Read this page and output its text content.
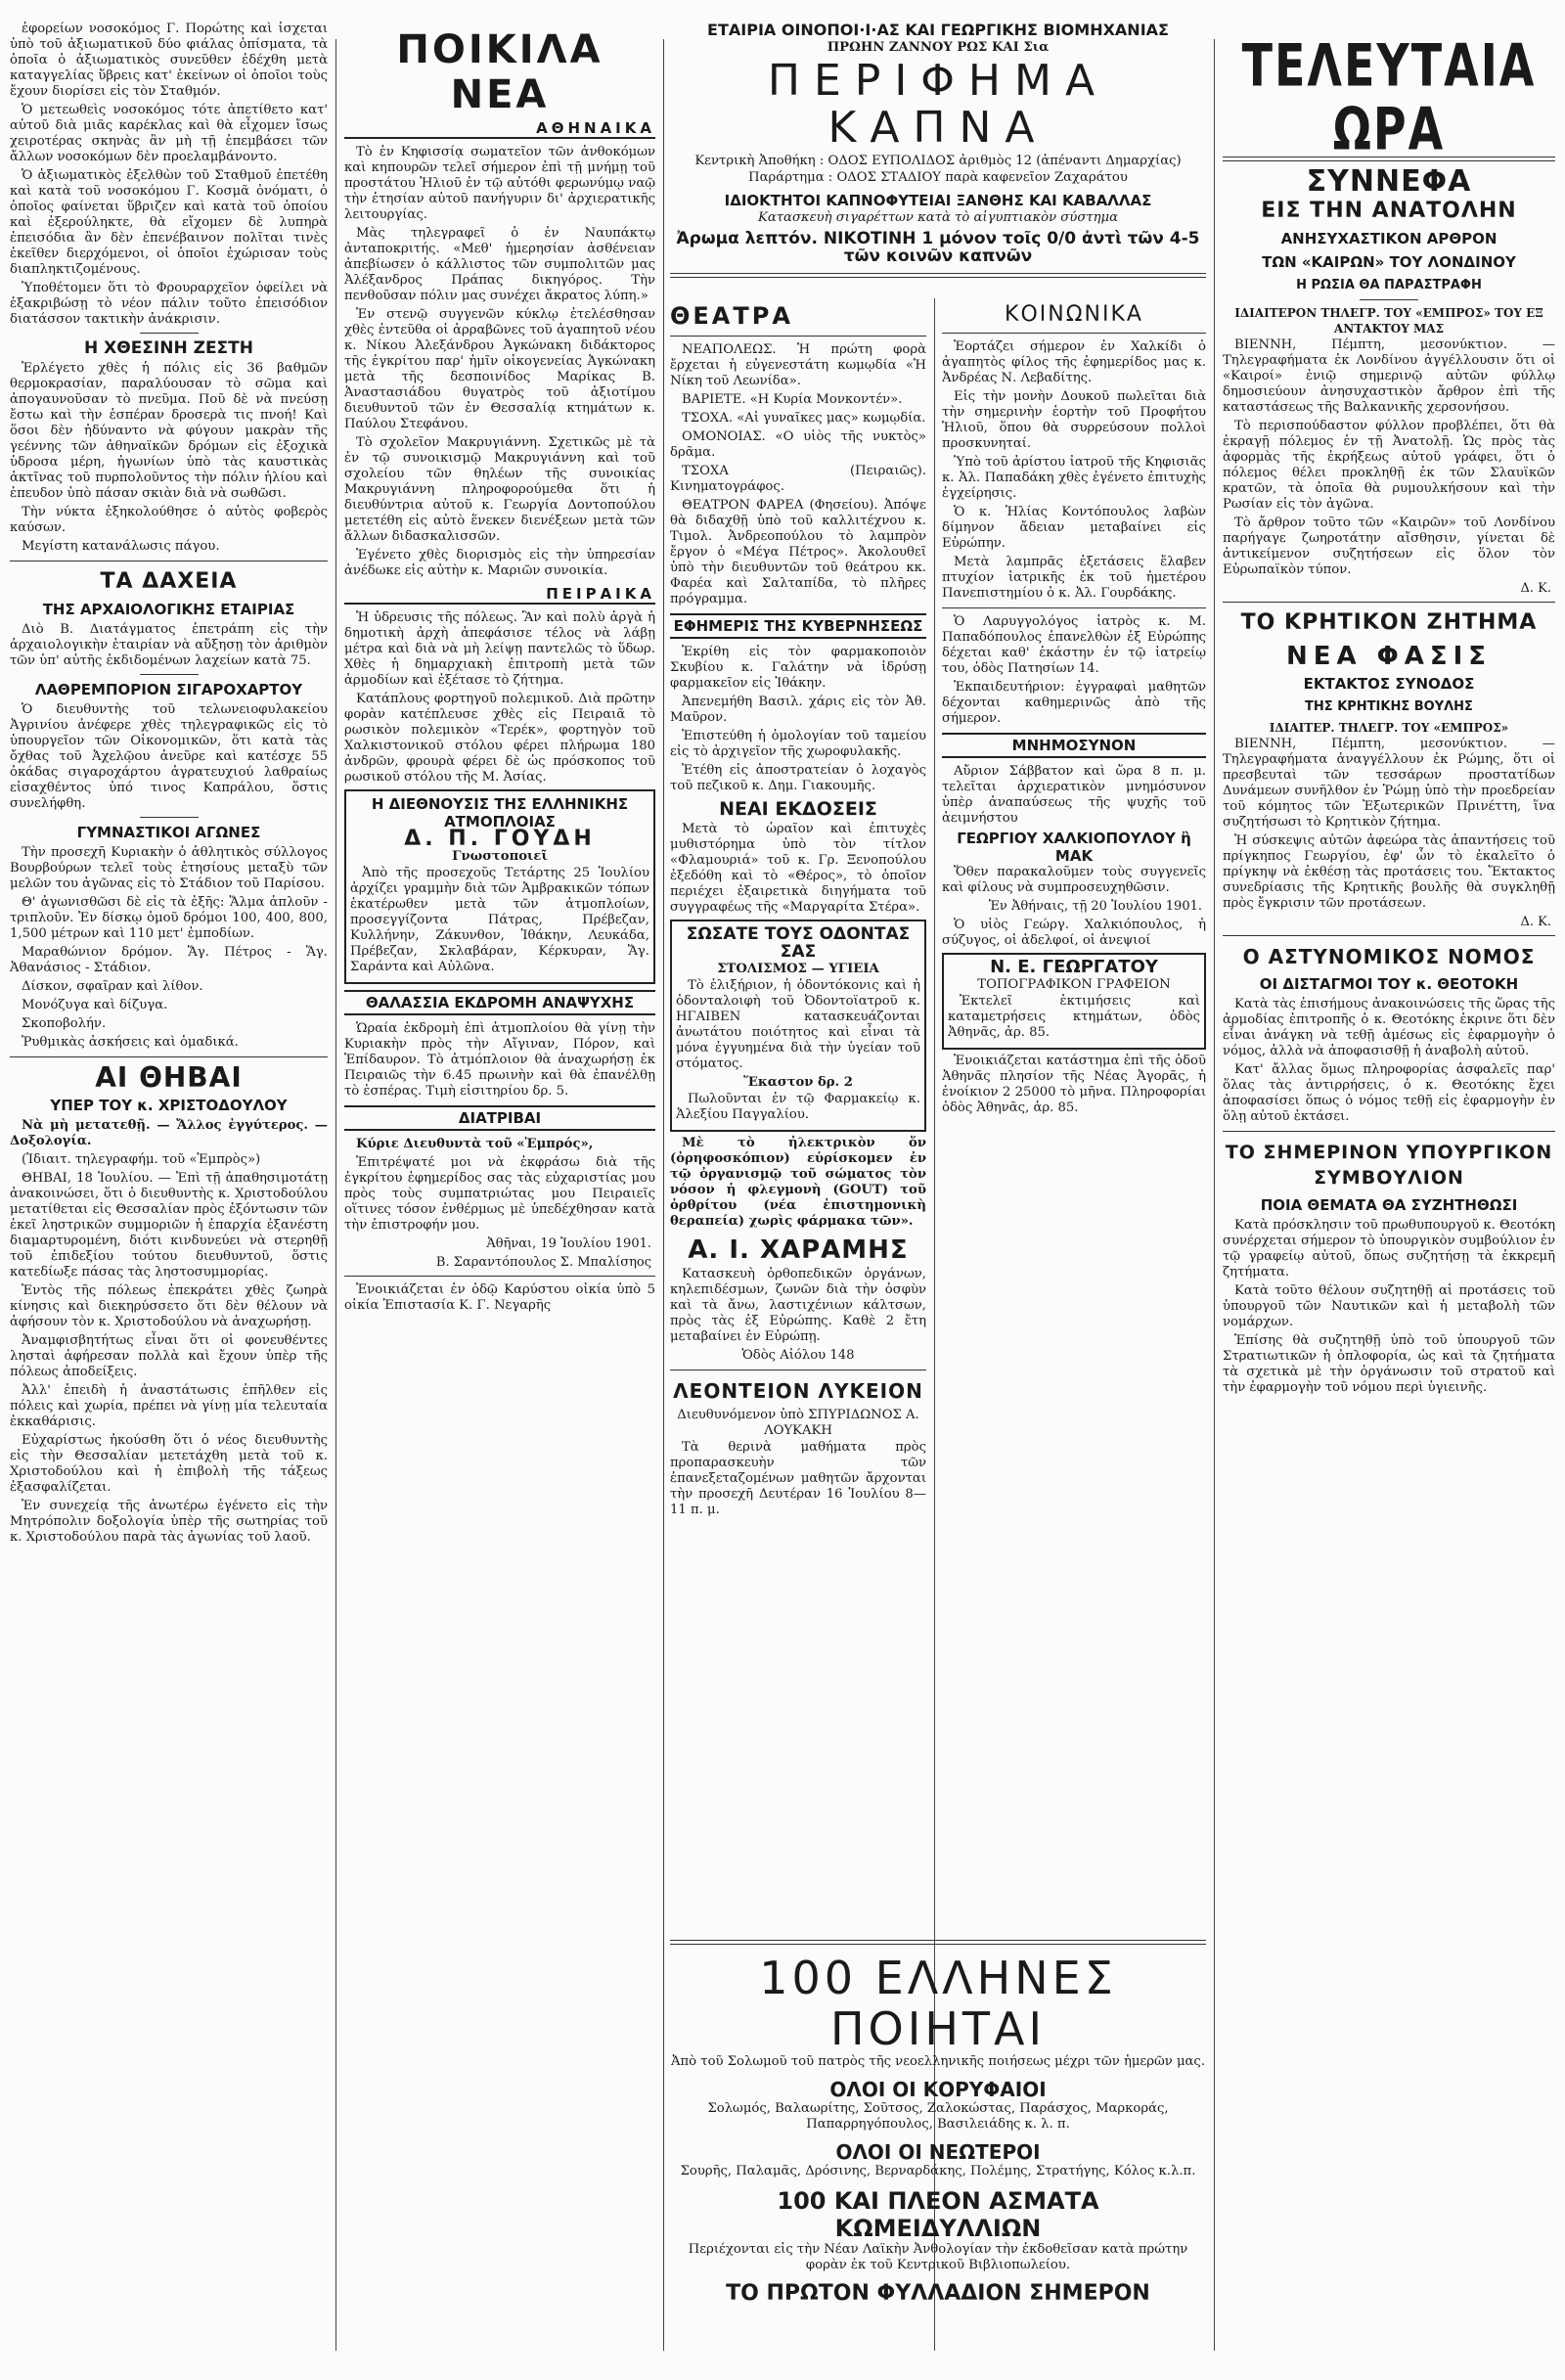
ἐφορείων νοσοκόμος Γ. Πορώτης καὶ ἰσχεται ὑπὸ τοῦ ἀξιωματικοῦ δύο φιάλας ὀπίσματα, τὰ ὁποῖα ὁ ἀξιωματικὸς συνεῦθεν ἐδέχθη μετὰ καταγγελίας ὕβρεις κατ' ἐκείνων οἱ ὁποῖοι τοὺς ἔχουν διορίσει εἰς τὸν Σταθμόν.

Ὁ μετεωθεὶς νοσοκόμος τότε ἀπετίθετο κατ' αὐτοῦ διὰ μιᾶς καρέκλας καὶ θὰ εἶχομεν ἴσως χειροτέρας σκηνὰς ἂν μὴ τῇ ἐπεμβάσει τῶν ἄλλων νοσοκόμων δὲν προελαμβάνοντο.

Ὁ ἀξιωματικὸς ἐξελθὼν τοῦ Σταθμοῦ ἐπετέθη καὶ κατὰ τοῦ νοσοκόμου Γ. Κοσμᾶ ὀνόματι, ὁ ὁποῖος φαίνεται ὕβριζεν καὶ κατὰ τοῦ ὁποίου καὶ ἐξερούληκτε, θὰ εἴχομεν δὲ λυπηρὰ ἐπεισόδια ἂν δὲν ἐπενέβαινον πολῖται τινὲς ἐκεῖθεν διερχόμενοι, οἱ ὁποῖοι ἐχώρισαν τοὺς διαπληκτιζομένους.

Ὑποθέτομεν ὅτι τὸ Φρουραρχεῖον ὀφείλει νὰ ἐξακριβώσῃ τὸ νέον πάλιν τοῦτο ἐπεισόδιον διατάσσον τακτικὴν ἀνάκρισιν.

Η ΧΘΕΣΙΝΗ ΖΕΣΤΗ

Ἐρλέγετο χθὲς ἡ πόλις εἰς 36 βαθμῶν θερμοκρασίαν, παραλύουσαν τὸ σῶμα καὶ ἀπογαυνοῦσαν τὸ πνεῦμα. Ποῦ δὲ νὰ πνεύσῃ ἔστω καὶ τὴν ἐσπέραν δροσερὰ τις πνοή! Καὶ ὅσοι δὲν ἠδύναντο νὰ φύγουν μακρὰν τῆς γεέννης τῶν ἀθηναϊκῶν δρόμων εἰς ἐξοχικὰ ὑδροσα μέρη, ἠγωνίων ὑπὸ τὰς καυστικὰς ἀκτῖνας τοῦ πυρπολοῦντος τὴν πόλιν ἡλίου καὶ ἐπευδον ὑπὸ πάσαν σκιὰν διὰ νὰ σωθῶσι.

Τὴν νύκτα ἐξηκολούθησε ὁ αὐτὸς φοβερὸς καύσων.

Μεγίστη κατανάλωσις πάγου.

ΤΑ ΔΑΧΕΙΑ
ΤΗΣ ΑΡΧΑΙΟΛΟΓΙΚΗΣ ΕΤΑΙΡΙΑΣ

Διὸ Β. Διατάγματος ἐπετράπη εἰς τὴν ἀρχαιολογικὴν ἑταιρίαν νὰ αὔξησῃ τὸν ἀριθμὸν τῶν ὑπ' αὐτῆς ἐκδιδομένων λαχείων κατὰ 75.

ΛΑΘΡΕΜΠΟΡΙΟΝ ΣΙΓΑΡΟΧΑΡΤΟΥ

Ὁ διευθυντὴς τοῦ τελωνειοφυλακείου Ἀγρινίου ἀνέφερε χθὲς τηλεγραφικῶς εἰς τὸ ὑπουργεῖον τῶν Οἰκονομικῶν, ὅτι κατὰ τὰς ὄχθας τοῦ Ἀχελῷου ἀνεῦρε καὶ κατέσχε 55 ὀκάδας σιγαροχάρτου ἀγρατευχιού λαθραίως εἰσαχθέντος ὑπό τινος Καπράλου, ὅστις συνελήφθη.

ΓΥΜΝΑΣΤΙΚΟΙ ΑΓΩΝΕΣ

Τὴν προσεχῆ Κυριακὴν ὁ ἀθλητικὸς σύλλογος Βουρβούρων τελεῖ τοὺς ἐτησίους μεταξὺ τῶν μελῶν του ἀγῶνας εἰς τὸ Στάδιον τοῦ Παρίσου.

Θ' ἀγωνισθῶσι δὲ εἰς τὰ ἑξῆς: Ἅλμα ἀπλοῦν - τριπλοῦν. Ἐν δίσκῳ ὁμοῦ δρόμοι 100, 400, 800, 1,500 μέτρων καὶ 110 μετ' ἐμποδίων.

Μαραθώνιον δρόμον. Ἅγ. Πέτρος - Ἅγ. Ἀθανάσιος - Στάδιον.

Δίσκον, σφαῖραν καὶ λίθον.

Μονόζυγα καὶ δίζυγα.

Σκοποβολήν.

Ῥυθμικὰς ἀσκήσεις καὶ ὁμαδικά.

ΑΙ ΘΗΒΑΙ
ΥΠΕΡ ΤΟΥ κ. ΧΡΙΣΤΟΔΟΥΛΟΥ

Νὰ μὴ μετατεθῇ. — Ἄλλος ἐγγύτερος. — Δοξολογία.

(Ἰδιαιτ. τηλεγραφήμ. τοῦ «Ἐμπρὸς»)

ΘΗΒΑΙ, 18 Ἰουλίου. — Ἐπὶ τῇ ἀπαθησιμοτάτῃ ἀνακοινώσει, ὅτι ὁ διευθυντὴς κ. Χριστοδούλου μετατίθεται εἰς Θεσσαλίαν πρὸς ἐξόντωσιν τῶν ἐκεῖ ληστρικῶν συμμοριῶν ἡ ἐπαρχία ἐξανέστη διαμαρτυρομένη, διότι κινδυνεύει νὰ στερηθῇ τοῦ ἐπιδεξίου τούτου διευθυντοῦ, ὅστις κατεδίωξε πάσας τὰς ληστοσυμμορίας.

Ἐντὸς τῆς πόλεως ἐπεκράτει χθὲς ζωηρὰ κίνησις καὶ διεκηρύσσετο ὅτι δὲν θέλουν νὰ ἀφήσουν τὸν κ. Χριστοδούλου νὰ ἀναχωρήσῃ.

Ἀναμφισβητήτως εἶναι ὅτι οἱ φονευθέντες λησταὶ ἀφήρεσαν πολλὰ καὶ ἔχουν ὑπὲρ τῆς πόλεως ἀποδείξεις.

Ἀλλ' ἐπειδὴ ἡ ἀναστάτωσις ἐπῆλθεν εἰς πόλεις καὶ χωρία, πρέπει νὰ γίνῃ μία τελευταία ἐκκαθάρισις.

Εὐχαρίστως ἠκούσθη ὅτι ὁ νέος διευθυντὴς εἰς τὴν Θεσσαλίαν μετετάχθη μετὰ τοῦ κ. Χριστοδούλου καὶ ἡ ἐπιβολὴ τῆς τάξεως ἐξασφαλίζεται.

Ἐν συνεχείᾳ τῆς ἀνωτέρω ἐγένετο εἰς τὴν Μητρόπολιν δοξολογία ὑπὲρ τῆς σωτηρίας τοῦ κ. Χριστοδούλου παρὰ τὰς ἀγωνίας τοῦ λαοῦ.

ΠΟΙΚΙΛΑ ΝΕΑ
ΑΘΗΝΑΙΚΑ

Τὸ ἐν Κηφισσίᾳ σωματεῖον τῶν ἀνθοκόμων καὶ κηπουρῶν τελεῖ σήμερον ἐπὶ τῇ μνήμῃ τοῦ προστάτου Ἠλιοῦ ἐν τῷ αὐτόθι φερωνύμῳ ναῷ τὴν ἐτησίαν αὐτοῦ πανήγυριν δι' ἀρχιερατικῆς λειτουργίας.

Μὰς τηλεγραφεῖ ὁ ἐν Ναυπάκτῳ ἀνταποκριτής. «Μεθ' ἡμερησίαν ἀσθένειαν ἀπεβίωσεν ὁ κάλλιστος τῶν συμπολιτῶν μας Ἀλέξανδρος Πράπας δικηγόρος. Τὴν πενθοῦσαν πόλιν μας συνέχει ἄκρατος λύπη.»

Ἐν στενῷ συγγενῶν κύκλῳ ἐτελέσθησαν χθὲς ἐντεῦθα οἱ ἀρραβῶνες τοῦ ἀγαπητοῦ νέου κ. Νίκου Ἀλεξάνδρου Ἀγκώνακη διδάκτορος τῆς ἐγκρίτου παρ' ἡμῖν οἰκογενείας Ἀγκώνακη μετὰ τῆς δεσποινίδος Μαρίκας Β. Ἀναστασιάδου θυγατρὸς τοῦ ἀξιοτίμου διευθυντοῦ τῶν ἐν Θεσσαλίᾳ κτημάτων κ. Παύλου Στεφάνου.

Τὸ σχολεῖον Μακρυγιάννη. Σχετικῶς μὲ τὰ ἐν τῷ συνοικισμῷ Μακρυγιάννη καὶ τοῦ σχολείου τῶν θηλέων τῆς συνοικίας Μακρυγιάννη πληροφορούμεθα ὅτι ἡ διευθύντρια αὐτοῦ κ. Γεωργία Δοντοπούλου μετετέθη εἰς αὐτὸ ἕνεκεν διενέξεων μετὰ τῶν ἄλλων διδασκαλισσῶν.

Ἐγένετο χθὲς διορισμὸς εἰς τὴν ὑπηρεσίαν ἀνέδωκε εἰς αὐτὴν κ. Μαριῶν συνοικία.

ΠΕΙΡΑΙΚΑ

Ἡ ὑδρευσις τῆς πόλεως. Ἂν καὶ πολὺ ἀργὰ ἡ δημοτικὴ ἀρχὴ ἀπεφάσισε τέλος νὰ λάβῃ μέτρα καὶ διὰ νὰ μὴ λείψῃ παντελῶς τὸ ὕδωρ. Χθὲς ἡ δημαρχιακὴ ἐπιτροπὴ μετὰ τῶν ἁρμοδίων καὶ ἐξέτασε τὸ ζήτημα.

Κατάπλους φορτηγοῦ πολεμικοῦ. Διὰ πρῶτην φορὰν κατέπλευσε χθὲς εἰς Πειραιᾶ τὸ ρωσικὸν πολεμικὸν «Τερέκ», φορτηγὸν τοῦ Χαλκιστονικοῦ στόλου φέρει πλήρωμα 180 ἀνδρῶν, φρουρὰ φέρει δὲ ὡς πρόσκοπος τοῦ ρωσικοῦ στόλου τῆς Μ. Ἀσίας.

Η ΔΙΕΘΝΟΥΣΙΣ ΤΗΣ ΕΛΛΗΝΙΚΗΣ ΑΤΜΟΠΛΟΙΑΣ
Δ. Π. ΓΟΥΔΗ
Γνωστοποιεῖ

Ἀπὸ τῆς προσεχοῦς Τετάρτης 25 Ἰουλίου ἀρχίζει γραμμὴν διὰ τῶν Ἀμβρακικῶν τόπων ἑκατέρωθεν μετὰ τῶν ἀτμοπλοίων, προσεγγίζοντα Πάτρας, Πρέβεζαν, Κυλλήνην, Ζάκυνθον, Ἰθάκην, Λευκάδα, Πρέβεζαν, Σκλαβάραν, Κέρκυραν, Ἅγ. Σαράντα καὶ Αὐλῶνα.

ΘΑΛΑΣΣΙΑ ΕΚΔΡΟΜΗ ΑΝΑΨΥΧΗΣ

Ὡραία ἐκδρομὴ ἐπὶ ἀτμοπλοίου θὰ γίνῃ τὴν Κυριακὴν πρὸς τὴν Αἴγιναν, Πόρον, καὶ Ἐπίδαυρον. Τὸ ἀτμόπλοιον θὰ ἀναχωρήσῃ ἐκ Πειραιῶς τὴν 6.45 πρωινὴν καὶ θὰ ἐπανέλθῃ τὸ ἑσπέρας. Τιμὴ εἰσιτηρίου δρ. 5.

ΔΙΑΤΡΙΒΑΙ

Κύριε Διευθυντὰ τοῦ «Ἐμπρός»,

Ἐπιτρέψατέ μοι νὰ ἐκφράσω διὰ τῆς ἐγκρίτου ἐφημερίδος σας τὰς εὐχαριστίας μου πρὸς τοὺς συμπατριώτας μου Πειραιεῖς οἵτινες τόσον ἐνθέρμως μὲ ὑπεδέχθησαν κατὰ τὴν ἐπιστροφήν μου.

Ἀθῆναι, 19 Ἰουλίου 1901.
Β. Σαραντόπουλος Σ. Μπαλίσηος

Ἐνοικιάζεται ἐν ὁδῷ Καρύστου οἰκία ὑπὸ 5 οἰκία Ἐπιστασία Κ. Γ. Νεγαρῆς

ΕΤΑΙΡΙΑ ΟΙΝΟΠΟΙ·Ι·ΑΣ ΚΑΙ ΓΕΩΡΓΙΚΗΣ ΒΙΟΜΗΧΑΝΙΑΣ
ΠΡΩΗΝ ΖΑΝΝΟΥ ΡΩΣ ΚΑΙ Σια
ΠΕΡΙΦΗΜΑ ΚΑΠΝΑ
Κεντρικὴ Ἀποθήκη : ΟΔΟΣ ΕΥΠΟΛΙΔΟΣ ἀριθμὸς 12 (ἀπέναντι Δημαρχίας)
Παράρτημα : ΟΔΟΣ ΣΤΑΔΙΟΥ παρὰ καφενεῖον Ζαχαράτου
ΙΔΙΟΚΤΗΤΟΙ ΚΑΠΝΟΦΥΤΕΙΑΙ ΞΑΝΘΗΣ ΚΑΙ ΚΑΒΑΛΛΑΣ
Κατασκευὴ σιγαρέττων κατὰ τὸ αἰγυπτιακὸν σύστημα
Ἀρωμα λεπτόν. ΝΙΚΟΤΙΝΗ 1 μόνον τοῖς 0/0 ἀντὶ τῶν 4-5 τῶν κοινῶν καπνῶν
ΘΕΑΤΡΑ

ΝΕΑΠΟΛΕΩΣ. Ἡ πρώτη φορὰ ἔρχεται ἡ εὐγενεστάτη κωμῳδία «Ἡ Νίκη τοῦ Λεωνίδα».

ΒΑΡΙΕΤΕ. «Η Κυρία Μονκοντέν».

ΤΣΟΧΑ. «Αἱ γυναῖκες μας» κωμῳδία.

ΟΜΟΝΟΙΑΣ. «Ο υἱὸς τῆς νυκτὸς» δρᾶμα.

ΤΣΟΧΑ (Πειραιῶς). Κινηματογράφος.

ΘΕΑΤΡΟΝ ΦΑΡΕΑ (Φησείου). Ἀπόψε θὰ διδαχθῇ ὑπὸ τοῦ καλλιτέχνου κ. Τιμολ. Ἀνδρεοπούλου τὸ λαμπρὸν ἔργον ὁ «Μέγα Πέτρος». Ἀκολουθεῖ ὑπὸ τὴν διευθυντῶν τοῦ θεάτρου κκ. Φαρέα καὶ Σαλταπίδα, τὸ πλῆρες πρόγραμμα.

ΕΦΗΜΕΡΙΣ ΤΗΣ ΚΥΒΕΡΝΗΣΕΩΣ

Ἐκρίθη εἰς τὸν φαρμακοποιὸν Σκυβίου κ. Γαλάτην νὰ ἱδρύσῃ φαρμακεῖον εἰς Ἰθάκην.

Ἀπενεμήθη Βασιλ. χάρις εἰς τὸν Ἀθ. Μαῦρον.

Ἐπιστεύθη ἡ ὁμολογίαν τοῦ ταμείου εἰς τὸ ἀρχιγεῖον τῆς χωροφυλακῆς.

Ἐτέθη εἰς ἀποστρατείαν ὁ λοχαγὸς τοῦ πεζικοῦ κ. Δημ. Γιακουμῆς.

ΝΕΑΙ ΕΚΔΟΣΕΙΣ

Μετὰ τὸ ὡραῖον καὶ ἐπιτυχὲς μυθιστόρημα ὑπὸ τὸν τίτλον «Φλαμουριά» τοῦ κ. Γρ. Ξενοπούλου ἐξεδόθη καὶ τὸ «Θέρος», τὸ ὁποῖον περιέχει ἐξαιρετικὰ διηγήματα τοῦ συγγραφέως τῆς «Μαργαρίτα Στέρα».

ΣΩΣΑΤΕ ΤΟΥΣ ΟΔΟΝΤΑΣ ΣΑΣ
ΣΤΟΛΙΣΜΟΣ — ΥΓΙΕΙΑ

Τὸ ἐλιξήριον, ἡ ὀδοντόκονις καὶ ἡ ὀδονταλοιφὴ τοῦ Ὀδοντοϊατροῦ κ. ΗΓΑΙΒΕΝ κατασκευάζονται ἀνωτάτου ποιότητος καὶ εἶναι τὰ μόνα ἐγγυημένα διὰ τὴν ὑγείαν τοῦ στόματος.

Ἕκαστον δρ. 2

Πωλοῦνται ἐν τῷ Φαρμακείῳ κ. Ἀλεξίου Παγγαλίου.

Μὲ τὸ ἠλεκτρικὸν ὅν (ὀρηφοσκόπιον) εὑρίσκομεν ἐν τῷ ὀργανισμῷ τοῦ σώματος τὸν νόσον ἡ φλεγμονὴ (GOUT) τοῦ ὀρθρίτου (νέα ἐπιστημονικὴ θεραπεία) χωρὶς φάρμακα τῶν».

Α. Ι. ΧΑΡΑΜΗΣ

Κατασκευὴ ὀρθοπεδικῶν ὀργάνων, κηλεπιδέσμων, ζωνῶν διὰ τὴν ὀσφὺν καὶ τὰ ἄνω, λαστιχένιων κάλτσων, πρὸς τὰς ἐξ Εὐρώπης. Καθὲ 2 ἔτη μεταβαίνει ἐν Εὐρώπῃ.

Ὁδὸς Αἰόλου 148
ΛΕΟΝΤΕΙΟΝ ΛΥΚΕΙΟΝ
Διευθυνόμενον ὑπὸ ΣΠΥΡΙΔΩΝΟΣ Α. ΛΟΥΚΑΚΗ

Τὰ θερινὰ μαθήματα πρὸς προπαρασκευὴν τῶν ἐπανεξεταζομένων μαθητῶν ἄρχονται τὴν προσεχῆ Δευτέραν 16 Ἰουλίου 8—11 π. μ.

ΚΟΙΝΩΝΙΚΑ

Ἑορτάζει σήμερον ἐν Χαλκίδι ὁ ἀγαπητὸς φίλος τῆς ἐφημερίδος μας κ. Ἀνδρέας Ν. Λεβαδίτης.

Εἰς τὴν μονὴν Δουκοῦ πωλεῖται διὰ τὴν σημερινὴν ἑορτὴν τοῦ Προφήτου Ἠλιοῦ, ὅπου θὰ συρρεύσουν πολλοὶ προσκυνηταί.

Ὑπὸ τοῦ ἀρίστου ἰατροῦ τῆς Κηφισιᾶς κ. Ἀλ. Παπαδάκη χθὲς ἐγένετο ἐπιτυχὴς ἐγχείρησις.

Ὁ κ. Ἠλίας Κοντόπουλος λαβὼν δίμηνον ἄδειαν μεταβαίνει εἰς Εὐρώπην.

Μετὰ λαμπρᾶς ἐξετάσεις ἔλαβεν πτυχίον ἰατρικῆς ἐκ τοῦ ἡμετέρου Πανεπιστημίου ὁ κ. Ἀλ. Γουρδάκης.

Ὁ Λαρυγγολόγος ἰατρὸς κ. Μ. Παπαδόπουλος ἐπανελθὼν ἐξ Εὐρώπης δέχεται καθ' ἑκάστην ἐν τῷ ἰατρείῳ του, ὁδὸς Πατησίων 14.

Ἐκπαιδευτήριον: ἐγγραφαὶ μαθητῶν δέχονται καθημερινῶς ἀπὸ τῆς σήμερον.

ΜΝΗΜΟΣΥΝΟΝ

Αὔριον Σάββατον καὶ ὥρα 8 π. μ. τελεῖται ἀρχιερατικὸν μνημόσυνον ὑπὲρ ἀναπαύσεως τῆς ψυχῆς τοῦ ἀειμνήστου

ΓΕΩΡΓΙΟΥ ΧΑΛΚΙΟΠΟΥΛΟΥ ἢ ΜΑΚ

Ὅθεν παρακαλοῦμεν τοὺς συγγενεῖς καὶ φίλους νὰ συμπροσευχηθῶσιν.

Ἐν Ἀθήναις, τῇ 20 Ἰουλίου 1901.

Ὁ υἱὸς Γεώργ. Χαλκιόπουλος, ἡ σύζυγος, οἱ ἀδελφοί, οἱ ἀνεψιοί

Ν. Ε. ΓΕΩΡΓΑΤΟΥ
ΤΟΠΟΓΡΑΦΙΚΟΝ ΓΡΑΦΕΙΟΝ

Ἐκτελεῖ ἐκτιμήσεις καὶ καταμετρήσεις κτημάτων, ὁδὸς Ἀθηνᾶς, ἀρ. 85.

Ἐνοικιάζεται κατάστημα ἐπὶ τῆς ὁδοῦ Ἀθηνᾶς πλησίον τῆς Νέας Ἀγορᾶς, ἡ ἐνοίκιον 2 25000 τὸ μῆνα. Πληροφορίαι ὁδὸς Ἀθηνᾶς, ἀρ. 85.

100 ΕΛΛΗΝΕΣ ΠΟΙΗΤΑΙ
Ἀπὸ τοῦ Σολωμοῦ τοῦ πατρὸς τῆς νεοελληνικῆς ποιήσεως μέχρι τῶν ἡμερῶν μας.
ΟΛΟΙ ΟΙ ΚΟΡΥΦΑΙΟΙ
Σολωμός, Βαλαωρίτης, Σοῦτσος, Ζαλοκώστας, Παράσχος, Μαρκοράς, Παπαρρηγόπουλος, Βασιλειάδης κ. λ. π.
ΟΛΟΙ ΟΙ ΝΕΩΤΕΡΟΙ
Σουρῆς, Παλαμᾶς, Δρόσινης, Βερναρδάκης, Πολέμης, Στρατήγης, Κόλος κ.λ.π.
100 ΚΑΙ ΠΛΕΟΝ ΑΣΜΑΤΑ ΚΩΜΕΙΔΥΛΛΙΩΝ
Περιέχονται εἰς τὴν Νέαν Λαϊκὴν Ἀνθολογίαν τὴν ἐκδοθεῖσαν κατὰ πρώτην φορὰν ἐκ τοῦ Κεντρικοῦ Βιβλιοπωλείου.
ΤΟ ΠΡΩΤΟΝ ΦΥΛΛΑΔΙΟΝ ΣΗΜΕΡΟΝ
ΤΕΛΕΥΤΑΙΑ ΩΡΑ
ΣΥΝΝΕΦΑ
ΕΙΣ ΤΗΝ ΑΝΑΤΟΛΗΝ
ΑΝΗΣΥΧΑΣΤΙΚΟΝ ΑΡΘΡΟΝ
ΤΩΝ «ΚΑΙΡΩΝ» ΤΟΥ ΛΟΝΔΙΝΟΥ
Η ΡΩΣΙΑ ΘΑ ΠΑΡΑΣΤΡΑΦΗ
ΙΔΙΑΙΤΕΡΟΝ ΤΗΛΕΓΡ. ΤΟΥ «ΕΜΠΡΟΣ» ΤΟΥ ΕΞ ΑΝΤΑΚΤΟΥ ΜΑΣ

ΒΙΕΝΝΗ, Πέμπτη, μεσονύκτιον. — Τηλεγραφήματα ἐκ Λονδίνου ἀγγέλλουσιν ὅτι οἱ «Καιροί» ἐνιῷ σημερινῷ αὐτῶν φύλλῳ δημοσιεύουν ἀνησυχαστικὸν ἄρθρον ἐπὶ τῆς καταστάσεως τῆς Βαλκανικῆς χερσονήσου.

Τὸ περισπούδαστον φύλλον προβλέπει, ὅτι θὰ ἐκραγῇ πόλεμος ἐν τῇ Ἀνατολῇ. Ὡς πρὸς τὰς ἀφορμὰς τῆς ἐκρήξεως αὐτοῦ γράφει, ὅτι ὁ πόλεμος θέλει προκληθῇ ἐκ τῶν Σλαυϊκῶν κρατῶν, τὰ ὁποῖα θὰ ρυμουλκήσουν καὶ τὴν Ρωσίαν εἰς τὸν ἀγῶνα.

Τὸ ἄρθρον τοῦτο τῶν «Καιρῶν» τοῦ Λονδίνου παρήγαγε ζωηροτάτην αἴσθησιν, γίνεται δὲ ἀντικείμενον συζητήσεων εἰς ὅλον τὸν Εὐρωπαϊκὸν τύπον.

Δ. Κ.
ΤΟ ΚΡΗΤΙΚΟΝ ΖΗΤΗΜΑ
ΝΕΑ ΦΑΣΙΣ
ΕΚΤΑΚΤΟΣ ΣΥΝΟΔΟΣ
ΤΗΣ ΚΡΗΤΙΚΗΣ ΒΟΥΛΗΣ
ΙΔΙΑΙΤΕΡ. ΤΗΛΕΓΡ. ΤΟΥ «ΕΜΠΡΟΣ»

ΒΙΕΝΝΗ, Πέμπτη, μεσονύκτιον. — Τηλεγραφήματα ἀναγγέλλουν ἐκ Ρώμης, ὅτι οἱ πρεσβευταὶ τῶν τεσσάρων προστατίδων Δυνάμεων συνῆλθον ἐν Ῥώμῃ ὑπὸ τὴν προεδρείαν τοῦ κόμητος τῶν Ἐξωτερικῶν Πρινέττη, ἵνα συζητήσωσι τὸ Κρητικὸν ζήτημα.

Ἡ σύσκεψις αὐτῶν ἀφεώρα τὰς ἀπαντήσεις τοῦ πρίγκηπος Γεωργίου, ἐφ' ὧν τὸ ἐκαλεῖτο ὁ πρίγκηψ νὰ ἐκθέσῃ τὰς προτάσεις του. Ἔκτακτος συνεδρίασις τῆς Κρητικῆς βουλῆς θὰ συγκληθῇ πρὸς ἔγκρισιν τῶν προτάσεων.

Δ. Κ.
Ο ΑΣΤΥΝΟΜΙΚΟΣ ΝΟΜΟΣ
ΟΙ ΔΙΣΤΑΓΜΟΙ ΤΟΥ κ. ΘΕΟΤΟΚΗ

Κατὰ τὰς ἐπισήμους ἀνακοινώσεις τῆς ὥρας τῆς ἀρμοδίας ἐπιτροπῆς ὁ κ. Θεοτόκης ἐκρινε ὅτι δὲν εἶναι ἀνάγκη νὰ τεθῇ ἀμέσως εἰς ἐφαρμογὴν ὁ νόμος, ἀλλὰ νὰ ἀποφασισθῇ ἡ ἀναβολὴ αὐτοῦ.

Κατ' ἄλλας ὅμως πληροφορίας ἀσφαλεῖς παρ' ὅλας τὰς ἀντιρρήσεις, ὁ κ. Θεοτόκης ἔχει ἀποφασίσει ὅπως ὁ νόμος τεθῇ εἰς ἐφαρμογὴν ἐν ὅλῃ αὐτοῦ ἐκτάσει.

ΤΟ ΣΗΜΕΡΙΝΟΝ ΥΠΟΥΡΓΙΚΟΝ ΣΥΜΒΟΥΛΙΟΝ
ΠΟΙΑ ΘΕΜΑΤΑ ΘΑ ΣΥΖΗΤΗΘΩΣΙ

Κατὰ πρόσκλησιν τοῦ πρωθυπουργοῦ κ. Θεοτόκη συνέρχεται σήμερον τὸ ὑπουργικὸν συμβούλιον ἐν τῷ γραφείῳ αὐτοῦ, ὅπως συζητήσῃ τὰ ἐκκρεμῆ ζητήματα.

Κατὰ τοῦτο θέλουν συζητηθῇ αἱ προτάσεις τοῦ ὑπουργοῦ τῶν Ναυτικῶν καὶ ἡ μεταβολὴ τῶν νομάρχων.

Ἐπίσης θὰ συζητηθῇ ὑπὸ τοῦ ὑπουργοῦ τῶν Στρατιωτικῶν ἡ ὁπλοφορία, ὡς καὶ τὰ ζητήματα τὰ σχετικὰ μὲ τὴν ὀργάνωσιν τοῦ στρατοῦ καὶ τὴν ἐφαρμογὴν τοῦ νόμου περὶ ὑγιεινῆς.
